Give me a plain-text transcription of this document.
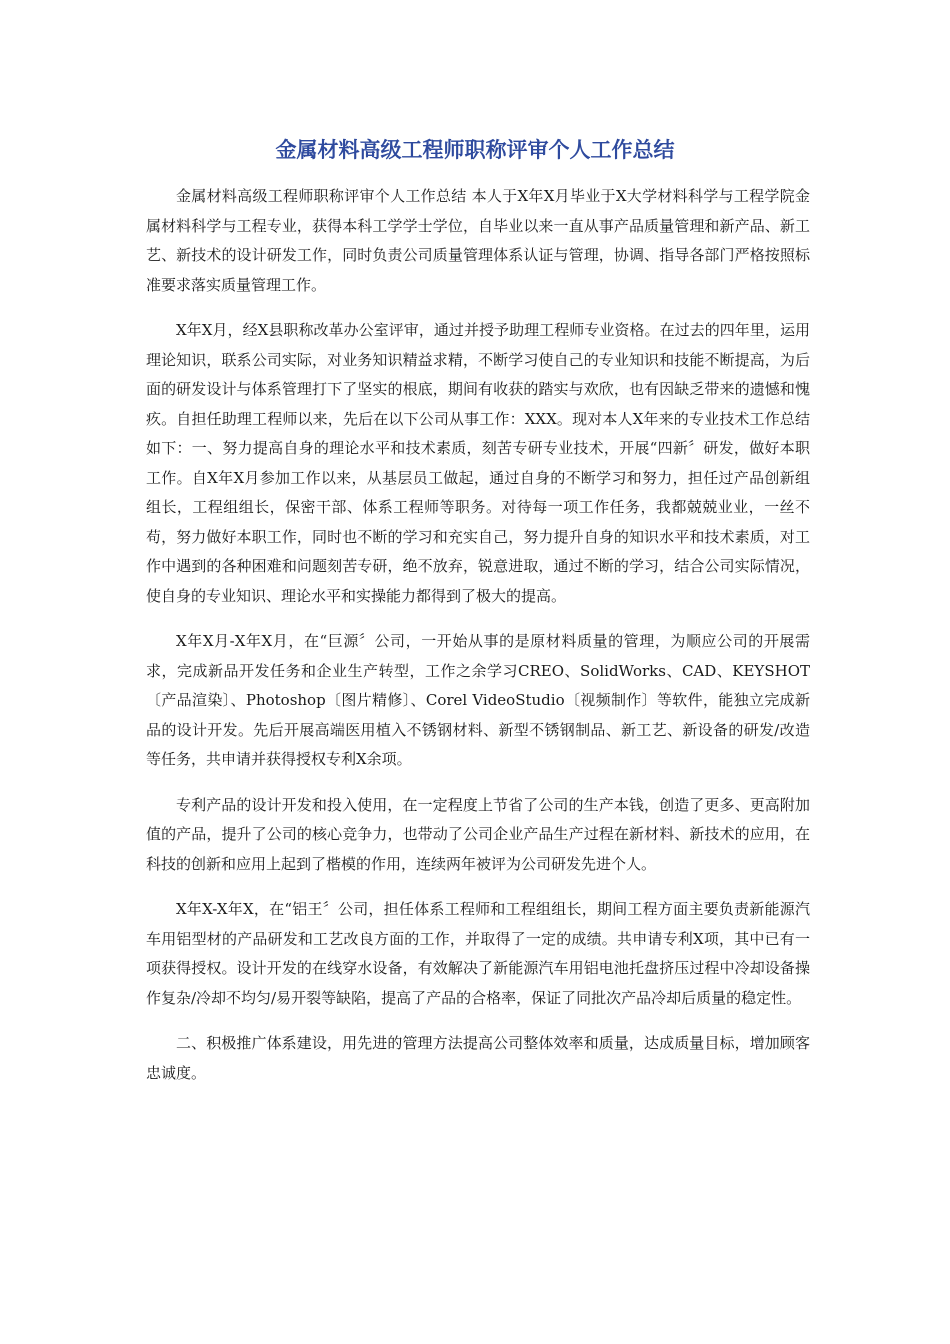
金属材料高级工程师职称评审个人工作总结

金属材料高级工程师职称评审个人工作总结 本人于X年X月毕业于X大学材料科学与工程学院金属材料科学与工程专业，获得本科工学学士学位，自毕业以来一直从事产品质量管理和新产品、新工艺、新技术的设计研发工作，同时负责公司质量管理体系认证与管理，协调、指导各部门严格按照标准要求落实质量管理工作。

X年X月，经X县职称改革办公室评审，通过并授予助理工程师专业资格。在过去的四年里，运用理论知识，联系公司实际，对业务知识精益求精，不断学习使自己的专业知识和技能不断提高，为后面的研发设计与体系管理打下了坚实的根底，期间有收获的踏实与欢欣，也有因缺乏带来的遗憾和愧疚。自担任助理工程师以来，先后在以下公司从事工作：XXX。现对本人X年来的专业技术工作总结如下：一、努力提高自身的理论水平和技术素质，刻苦专研专业技术，开展“四新〞研发，做好本职工作。自X年X月参加工作以来，从基层员工做起，通过自身的不断学习和努力，担任过产品创新组组长，工程组组长，保密干部、体系工程师等职务。对待每一项工作任务，我都兢兢业业，一丝不苟，努力做好本职工作，同时也不断的学习和充实自己，努力提升自身的知识水平和技术素质，对工作中遇到的各种困难和问题刻苦专研，绝不放弃，锐意进取，通过不断的学习，结合公司实际情况，使自身的专业知识、理论水平和实操能力都得到了极大的提高。

X年X月-X年X月，在“巨源〞公司，一开始从事的是原材料质量的管理，为顺应公司的开展需求，完成新品开发任务和企业生产转型，工作之余学习CREO、SolidWorks、CAD、KEYSHOT〔产品渲染〕、Photoshop〔图片精修〕、Corel VideoStudio〔视频制作〕等软件，能独立完成新品的设计开发。先后开展高端医用植入不锈钢材料、新型不锈钢制品、新工艺、新设备的研发/改造等任务，共申请并获得授权专利X余项。

专利产品的设计开发和投入使用，在一定程度上节省了公司的生产本钱，创造了更多、更高附加值的产品，提升了公司的核心竞争力，也带动了公司企业产品生产过程在新材料、新技术的应用，在科技的创新和应用上起到了楷模的作用，连续两年被评为公司研发先进个人。

X年X-X年X，在“铝王〞公司，担任体系工程师和工程组组长，期间工程方面主要负责新能源汽车用铝型材的产品研发和工艺改良方面的工作，并取得了一定的成绩。共申请专利X项，其中已有一项获得授权。设计开发的在线穿水设备，有效解决了新能源汽车用铝电池托盘挤压过程中冷却设备操作复杂/冷却不均匀/易开裂等缺陷，提高了产品的合格率，保证了同批次产品冷却后质量的稳定性。

二、积极推广体系建设，用先进的管理方法提高公司整体效率和质量，达成质量目标，增加顾客忠诚度。
